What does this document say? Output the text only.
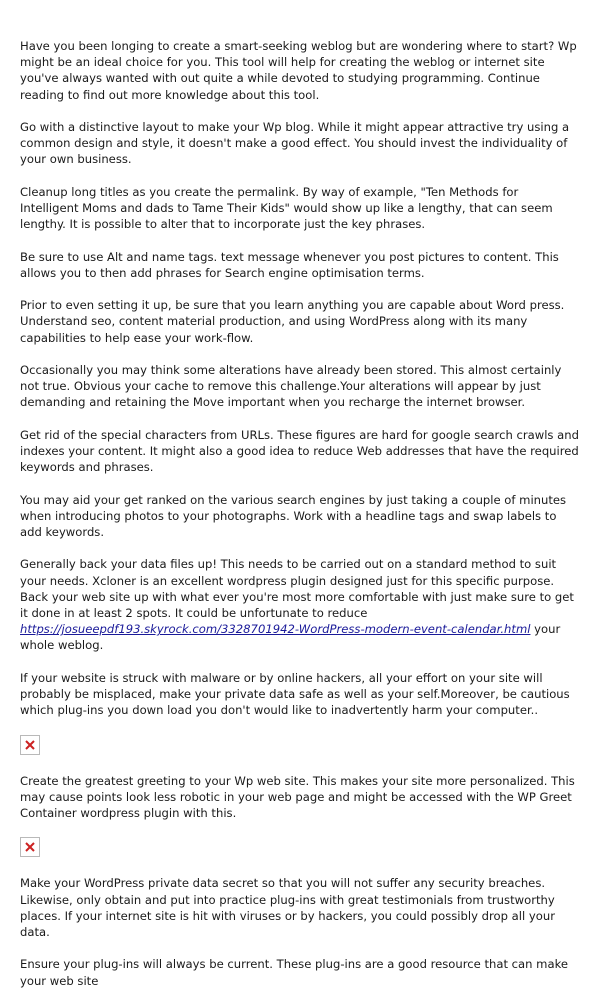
Have you been longing to create a smart-seeking weblog but are wondering where to start? Wp might be an ideal choice for you. This tool will help for creating the weblog or internet site you've always wanted with out quite a while devoted to studying programming. Continue reading to find out more knowledge about this tool.

Go with a distinctive layout to make your Wp blog. While it might appear attractive try using a common design and style, it doesn't make a good effect. You should invest the individuality of your own business.

Cleanup long titles as you create the permalink. By way of example, "Ten Methods for Intelligent Moms and dads to Tame Their Kids" would show up like a lengthy, that can seem lengthy. It is possible to alter that to incorporate just the key phrases.

Be sure to use Alt and name tags. text message whenever you post pictures to content. This allows you to then add phrases for Search engine optimisation terms.

Prior to even setting it up, be sure that you learn anything you are capable about Word press. Understand seo, content material production, and using WordPress along with its many capabilities to help ease your work-flow.

Occasionally you may think some alterations have already been stored. This almost certainly not true. Obvious your cache to remove this challenge.Your alterations will appear by just demanding and retaining the Move important when you recharge the internet browser.

Get rid of the special characters from URLs. These figures are hard for google search crawls and indexes your content. It might also a good idea to reduce Web addresses that have the required keywords and phrases.

You may aid your get ranked on the various search engines by just taking a couple of minutes when introducing photos to your photographs. Work with a headline tags and swap labels to add keywords.

Generally back your data files up! This needs to be carried out on a standard method to suit your needs. Xcloner is an excellent wordpress plugin designed just for this specific purpose. Back your web site up with what ever you're most more comfortable with just make sure to get it done in at least 2 spots. It could be unfortunate to reduce https://josueepdf193.skyrock.com/3328701942-WordPress-modern-event-calendar.html your whole weblog.

If your website is struck with malware or by online hackers, all your effort on your site will probably be misplaced, make your private data safe as well as your self.Moreover, be cautious which plug-ins you down load you don't would like to inadvertently harm your computer..

Create the greatest greeting to your Wp web site. This makes your site more personalized. This may cause points look less robotic in your web page and might be accessed with the WP Greet Container wordpress plugin with this.

Make your WordPress private data secret so that you will not suffer any security breaches. Likewise, only obtain and put into practice plug-ins with great testimonials from trustworthy places. If your internet site is hit with viruses or by hackers, you could possibly drop all your data.

Ensure your plug-ins will always be current. These plug-ins are a good resource that can make your web site
